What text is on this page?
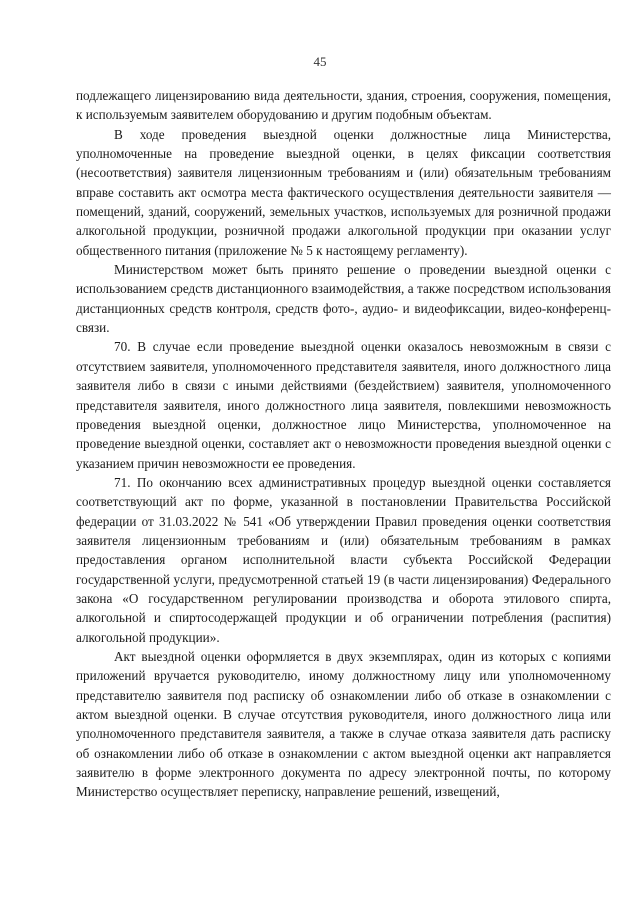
45

подлежащего лицензированию вида деятельности, здания, строения, сооружения, помещения, к используемым заявителем оборудованию и другим подобным объектам.

В ходе проведения выездной оценки должностные лица Министерства, уполномоченные на проведение выездной оценки, в целях фиксации соответствия (несоответствия) заявителя лицензионным требованиям и (или) обязательным требованиям вправе составить акт осмотра места фактического осуществления деятельности заявителя — помещений, зданий, сооружений, земельных участков, используемых для розничной продажи алкогольной продукции, розничной продажи алкогольной продукции при оказании услуг общественного питания (приложение № 5 к настоящему регламенту).

Министерством может быть принято решение о проведении выездной оценки с использованием средств дистанционного взаимодействия, а также посредством использования дистанционных средств контроля, средств фото-, аудио- и видеофиксации, видео-конференц-связи.

70. В случае если проведение выездной оценки оказалось невозможным в связи с отсутствием заявителя, уполномоченного представителя заявителя, иного должностного лица заявителя либо в связи с иными действиями (бездействием) заявителя, уполномоченного представителя заявителя, иного должностного лица заявителя, повлекшими невозможность проведения выездной оценки, должностное лицо Министерства, уполномоченное на проведение выездной оценки, составляет акт о невозможности проведения выездной оценки с указанием причин невозможности ее проведения.

71. По окончанию всех административных процедур выездной оценки составляется соответствующий акт по форме, указанной в постановлении Правительства Российской федерации от 31.03.2022 № 541 «Об утверждении Правил проведения оценки соответствия заявителя лицензионным требованиям и (или) обязательным требованиям в рамках предоставления органом исполнительной власти субъекта Российской Федерации государственной услуги, предусмотренной статьей 19 (в части лицензирования) Федерального закона «О государственном регулировании производства и оборота этилового спирта, алкогольной и спиртосодержащей продукции и об ограничении потребления (распития) алкогольной продукции».

Акт выездной оценки оформляется в двух экземплярах, один из которых с копиями приложений вручается руководителю, иному должностному лицу или уполномоченному представителю заявителя под расписку об ознакомлении либо об отказе в ознакомлении с актом выездной оценки. В случае отсутствия руководителя, иного должностного лица или уполномоченного представителя заявителя, а также в случае отказа заявителя дать расписку об ознакомлении либо об отказе в ознакомлении с актом выездной оценки акт направляется заявителю в форме электронного документа по адресу электронной почты, по которому Министерство осуществляет переписку, направление решений, извещений,
